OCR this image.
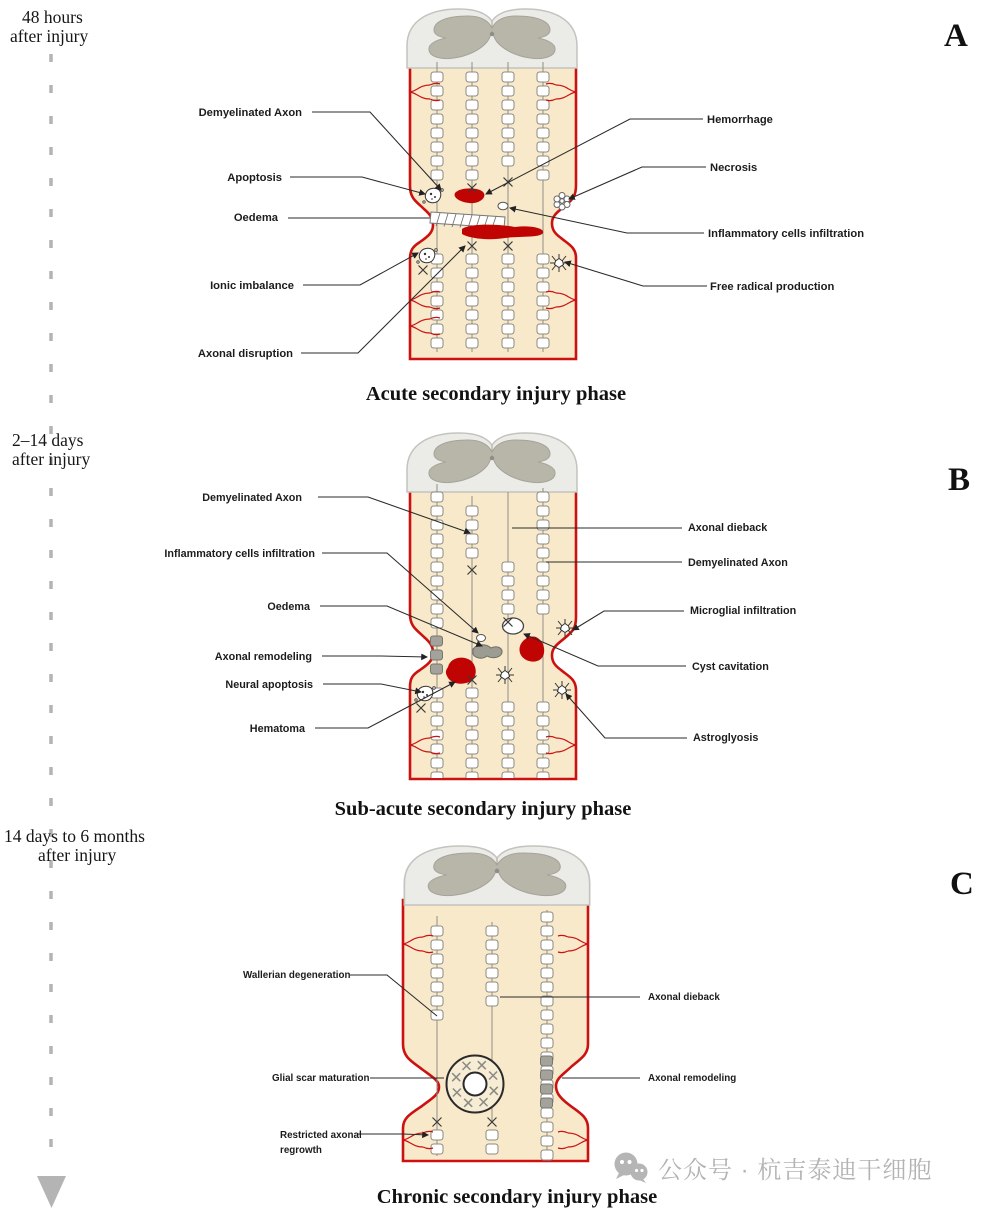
Demyelinated Axon
Apoptosis
Oedema
Ionic imbalance
Axonal disruption
Hemorrhage
Necrosis
Inflammatory cells infiltration
Free radical production
Demyelinated Axon
Inflammatory cells infiltration
Oedema
Axonal remodeling
Neural apoptosis
Hematoma
Axonal dieback
Demyelinated Axon
Microglial infiltration
Cyst cavitation
Astroglyosis
Wallerian degeneration
Glial scar maturation
Restricted axonal
regrowth
Axonal dieback
Axonal remodeling
48 hours
after injury
2–14 days
after injury
14 days to 6 months
after injury
A
B
C
Acute secondary injury phase
Sub-acute secondary injury phase
Chronic secondary injury phase
公众号 · 杭吉泰迪干细胞
